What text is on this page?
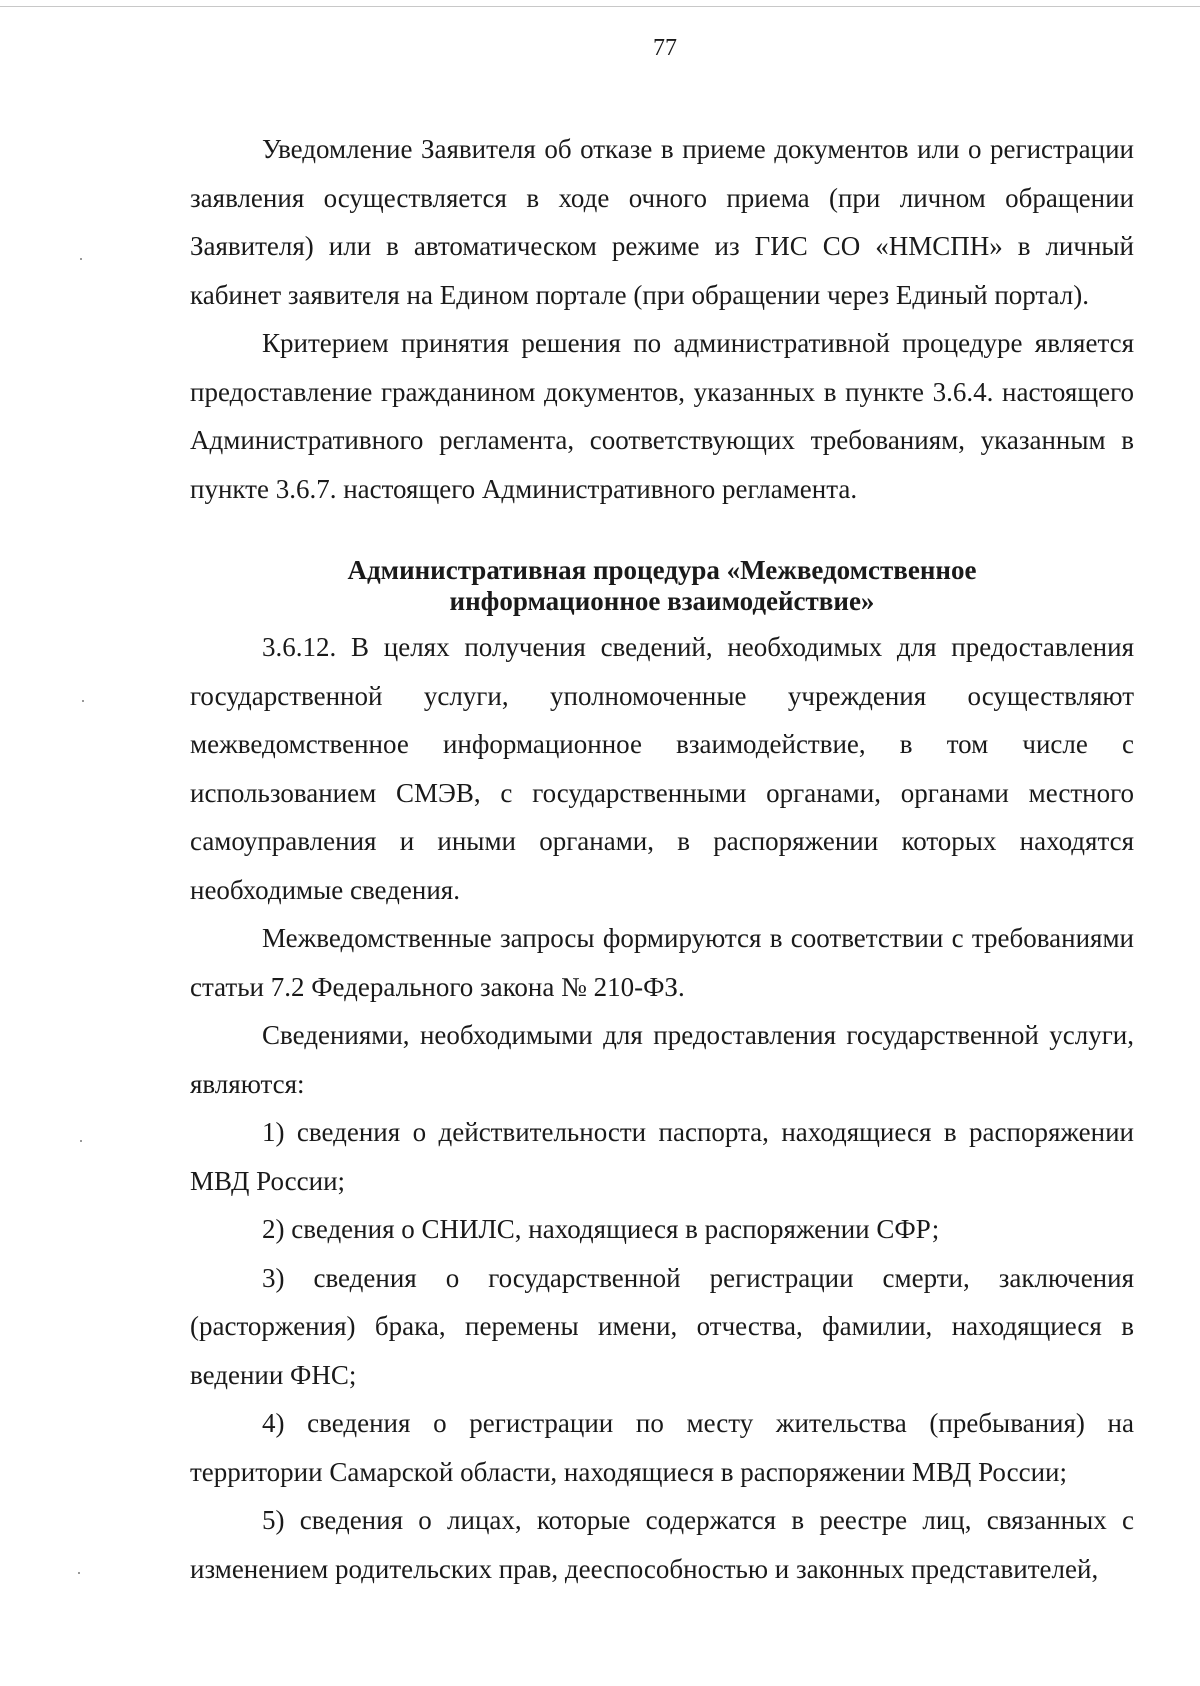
77

Уведомление Заявителя об отказе в приеме документов или о регистрации заявления осуществляется в ходе очного приема (при личном обращении Заявителя) или в автоматическом режиме из ГИС СО «НМСПН» в личный кабинет заявителя на Едином портале (при обращении через Единый портал).

Критерием принятия решения по административной процедуре является предоставление гражданином документов, указанных в пункте 3.6.4. настоящего Административного регламента, соответствующих требованиям, указанным в пункте 3.6.7. настоящего Административного регламента.

Административная процедура «Межведомственное
информационное взаимодействие»

3.6.12. В целях получения сведений, необходимых для предоставления государственной услуги, уполномоченные учреждения осуществляют межведомственное информационное взаимодействие, в том числе с использованием СМЭВ, с государственными органами, органами местного самоуправления и иными органами, в распоряжении которых находятся необходимые сведения.

Межведомственные запросы формируются в соответствии с требованиями статьи 7.2 Федерального закона № 210-ФЗ.

Сведениями, необходимыми для предоставления государственной услуги, являются:

1) сведения о действительности паспорта, находящиеся в распоряжении МВД России;

2) сведения о СНИЛС, находящиеся в распоряжении СФР;

3) сведения о государственной регистрации смерти, заключения (расторжения) брака, перемены имени, отчества, фамилии, находящиеся в ведении ФНС;

4) сведения о регистрации по месту жительства (пребывания) на территории Самарской области, находящиеся в распоряжении МВД России;

5) сведения о лицах, которые содержатся в реестре лиц, связанных с изменением родительских прав, дееспособностью и законных представителей,
